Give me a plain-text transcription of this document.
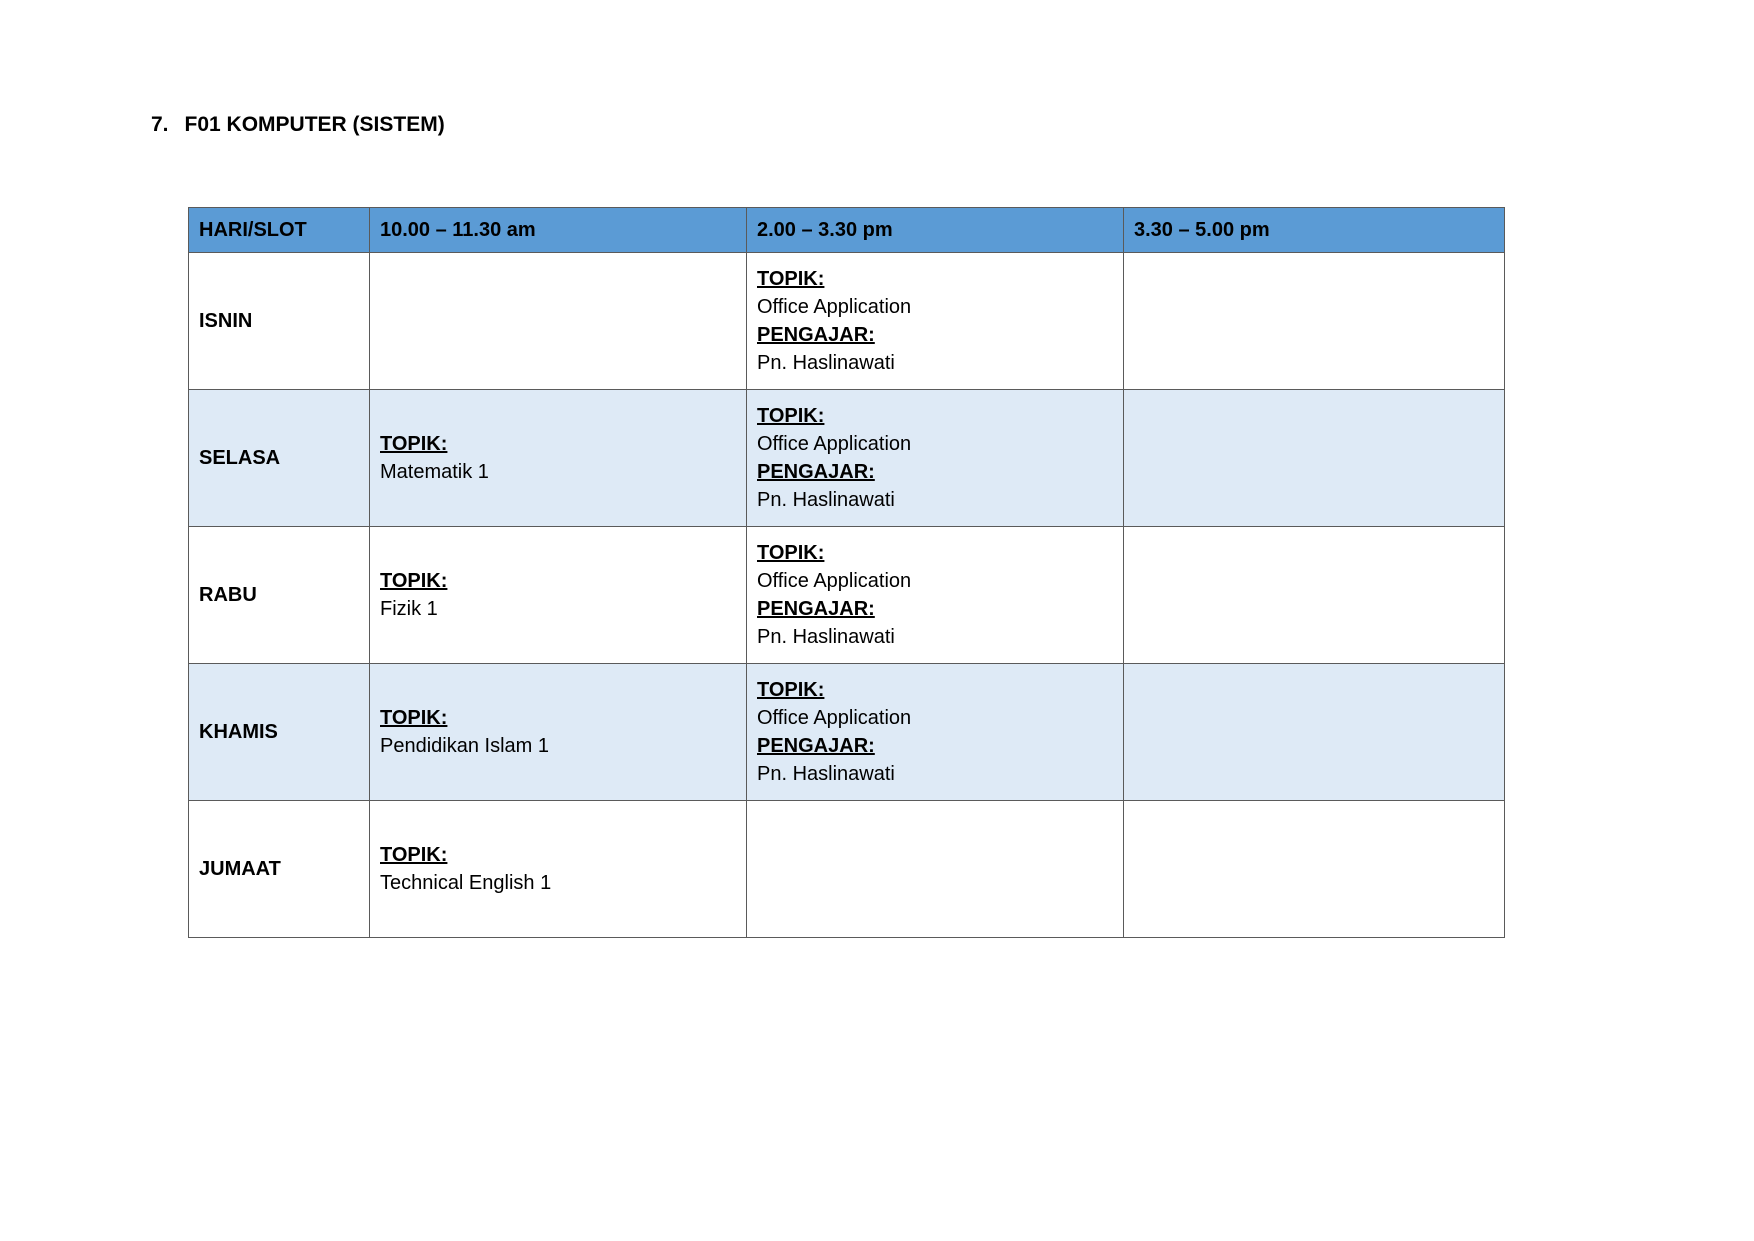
7. F01 KOMPUTER (SISTEM)
HARI/SLOT	10.00 – 11.30 am	2.00 – 3.30 pm	3.30 – 5.00 pm
ISNIN		TOPIK:
Office Application
PENGAJAR:
Pn. Haslinawati	

SELASA	TOPIK:
Matematik 1	TOPIK:
Office Application
PENGAJAR:
Pn. Haslinawati	

RABU	TOPIK:
Fizik 1	TOPIK:
Office Application
PENGAJAR:
Pn. Haslinawati	

KHAMIS	TOPIK:
Pendidikan Islam 1	TOPIK:
Office Application
PENGAJAR:
Pn. Haslinawati	

JUMAAT	TOPIK:
Technical English 1		
